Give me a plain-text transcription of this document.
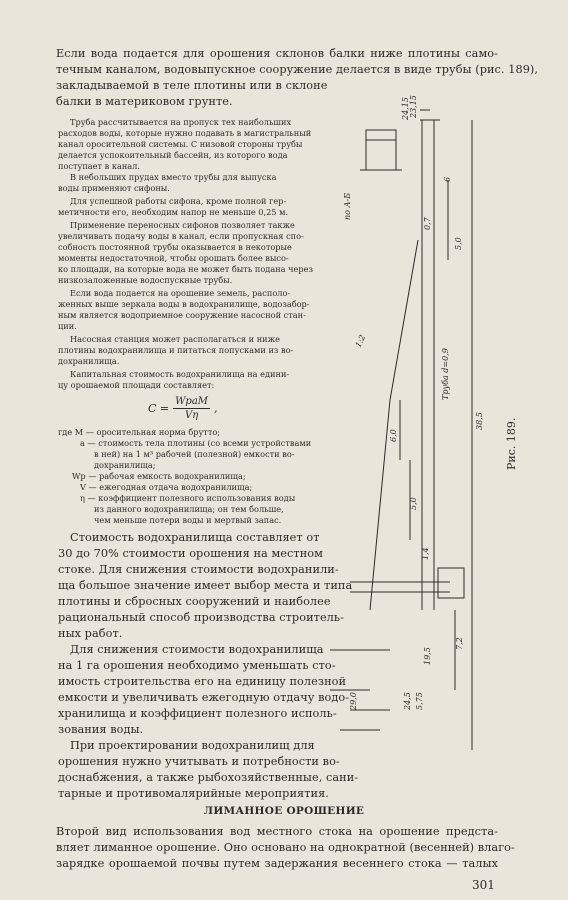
Если вода подается для орошения склонов балки ниже плотины само-
течным каналом, водовыпускное сооружение делается в виде трубы (рис. 189),
закладываемой в теле плотины или в склоне
балки в материковом грунте.
Труба рассчитывается на пропуск тех наибольших
расходов воды, которые нужно подавать в магистральный
канал оросительной системы. С низовой стороны трубы
делается успокоительный бассейн, из которого вода
поступает в канал.
В небольших прудах вместо трубы для выпуска
воды применяют сифоны.
Для успешной работы сифона, кроме полной гер-
метичности его, необходим напор не меньше 0,25 м.
Применение переносных сифонов позволяет также
увеличивать подачу воды в канал, если пропускная спо-
собность постоянной трубы оказывается в некоторые
моменты недостаточной, чтобы орошать более высо-
ко площади, на которые вода не может быть подана через
низкозаложенные водоспускные трубы.
Если вода подается на орошение земель, располо-
женных выше зеркала воды в водохранилище, водозабор-
ным является водоприемное сооружение насосной стан-
ции.
Насосная станция может располагаться и ниже
плотины водохранилища и питаться попусками из во-
дохранилища.
Капитальная стоимость водохранилища на едини-
цу орошаемой площади составляет:
$C = \frac{\text{WрaM}}{V\eta}$ ,
где M — оросительная норма брутто;
a — стоимость тела плотины (со всеми устройствами
в ней) на 1 м³ рабочей (полезной) емкости во-
дохранилища;
Wр — рабочая емкость водохранилища;
V — ежегодная отдача водохранилища;
η — коэффициент полезного использования воды
из данного водохранилища; он тем больше,
чем меньше потери воды и мертвый запас.
Стоимость водохранилища составляет от
30 до 70% стоимости орошения на местном
стоке. Для снижения стоимости водохранили-
ща большое значение имеет выбор места и типа
плотины и сбросных сооружений и наиболее
рациональный способ производства строитель-
ных работ.
Для снижения стоимости водохранилища
на 1 га орошения необходимо уменьшать сто-
имость строительства его на единицу полезной
емкости и увеличивать ежегодную отдачу водо-
хранилища и коэффициент полезного исполь-
зования воды.
При проектировании водохранилищ для
орошения нужно учитывать и потребности во-
доснабжения, а также рыбохозяйственные, сани-
тарные и противомалярийные мероприятия.
ЛИМАННОЕ ОРОШЕНИЕ
Второй вид использования вод местного стока на орошение предста-
вляет лиманное орошение. Оно основано на однократной (весенней) влаго-
зарядке орошаемой почвы путем задержания весеннего стока — талых
301
по А-Б
24,15 23,15
6
5,0
0,7
1:2
Труба d=0,9
6,0
38,5
5,0
1,4
7,2
19,5
29,0	24,5 5,75
Рис. 189.
